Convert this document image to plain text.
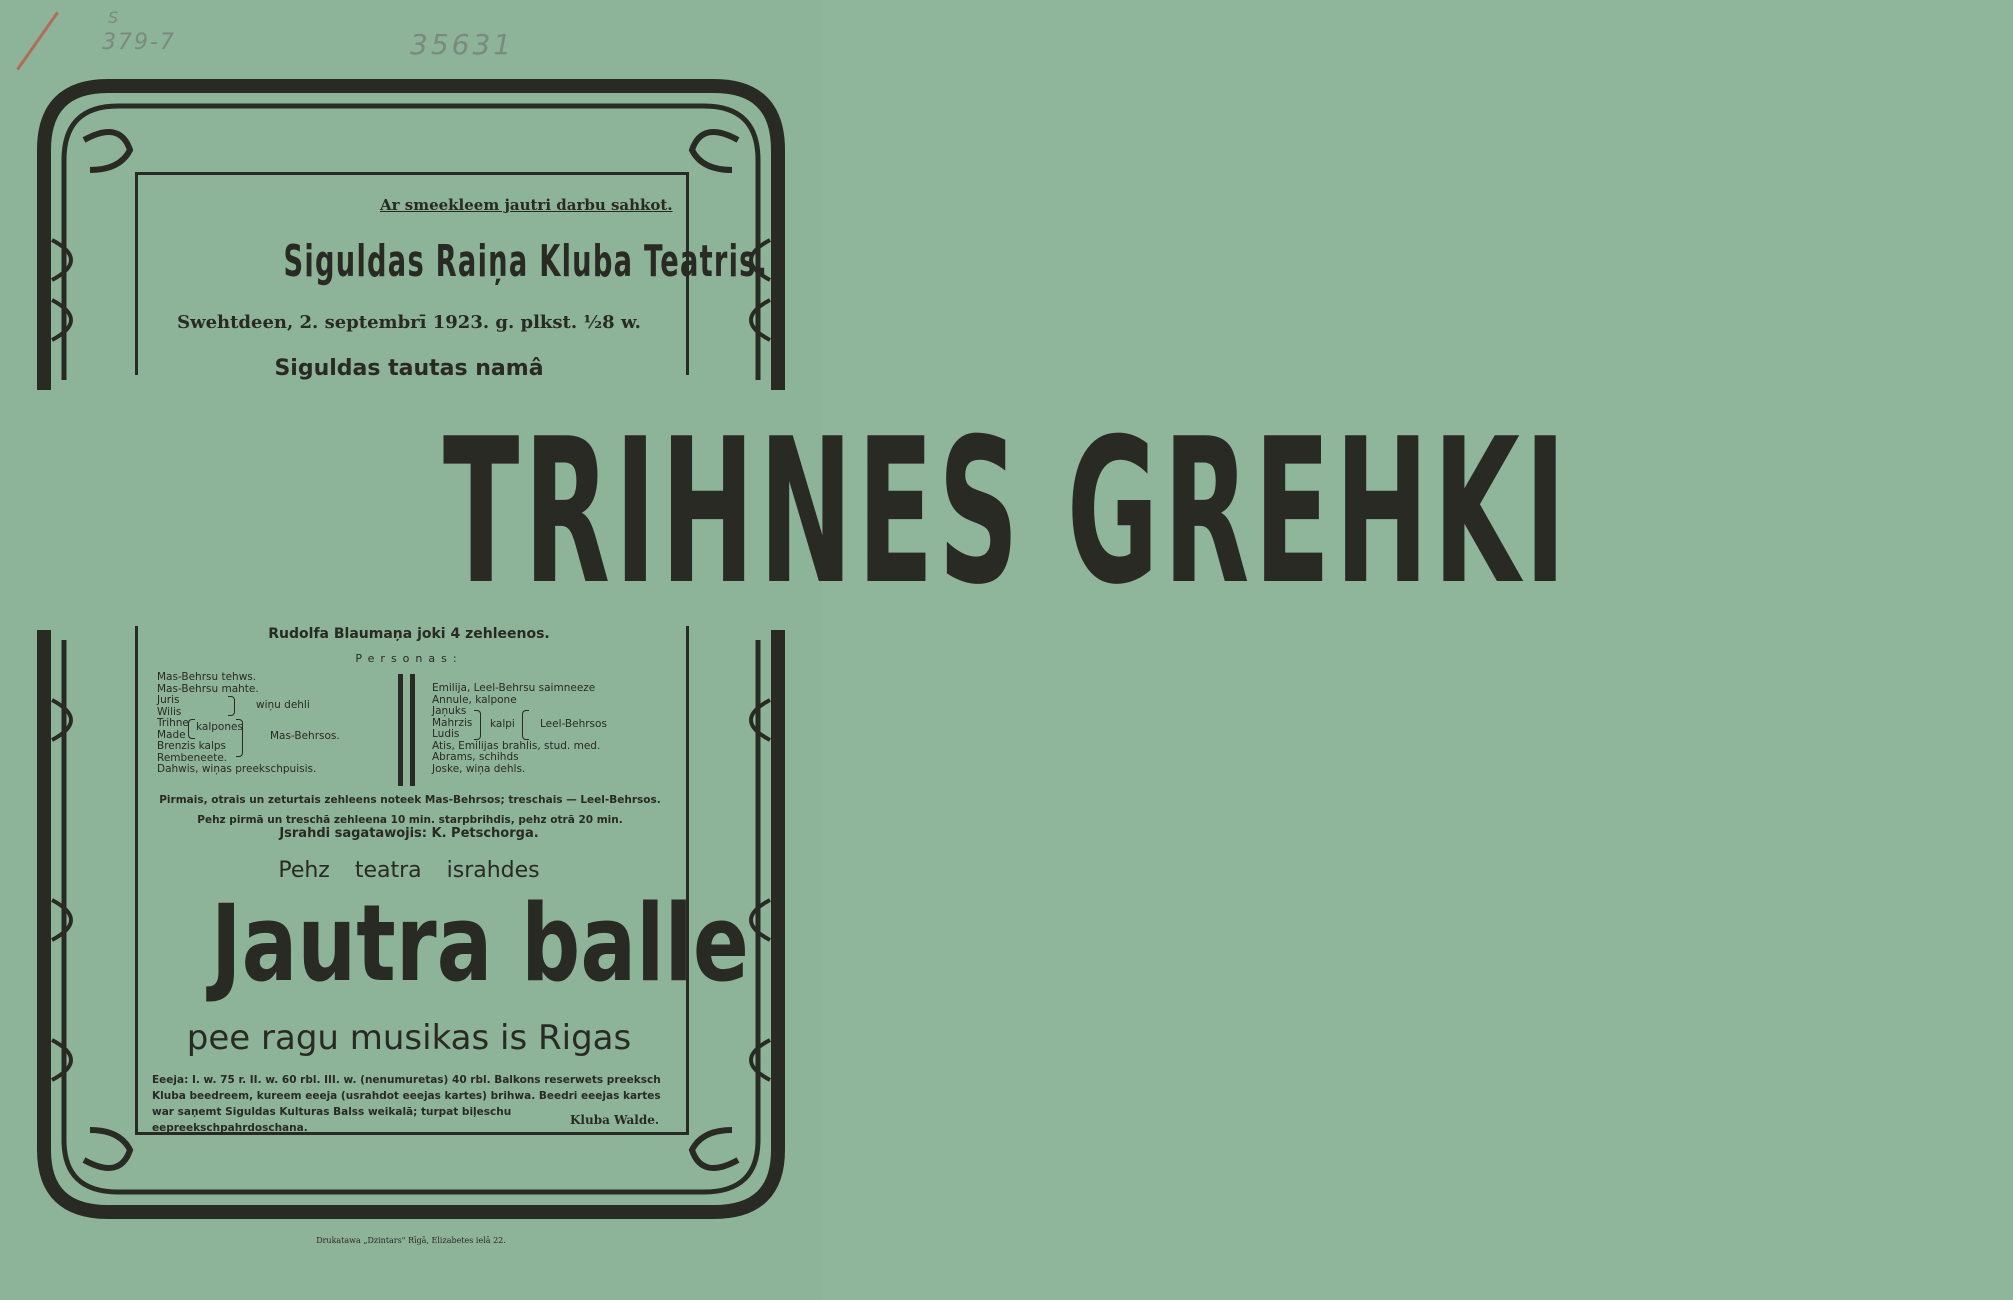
S
379-7	35631
Ar smeekleem jautri darbu sahkot.
Siguldas Raiņa Kluba Teatris.
Swehtdeen, 2. septembrī 1923. g. plkst. ½8 w.
Siguldas tautas namâ
TRIHNES GREHKI
Rudolfa Blaumaņa joki 4 zehleenos.
Personas:
Mas-Behrsu tehws.
Mas-Behrsu mahte.
Juris
Wilis
Trihne
Made
Brenzis kalps
Rembeneete.
Dahwis, wiņas preekschpuisis.
wiņu dehli
kalpones
Mas-Behrsos.
Emilija, Leel-Behrsu saimneeze
Annule, kalpone
Jaņuks
Mahrzis
Ludis
Atis, Emilijas brahlis, stud. med.
Abrams, schihds
Joske, wiņa dehls.
kalpi Leel-Behrsos
Pirmais, otrais un zeturtais zehleens noteek Mas-Behrsos; treschais — Leel-Behrsos. Pehz pirmā un treschā zehleena 10 min. starpbrihdis, pehz otrā 20 min.
Jsrahdi sagatawojis: K. Petschorga.
Pehz teatra israhdes
Jautra balle
pee ragu musikas is Rigas
Eeeja: I. w. 75 r. II. w. 60 rbl. III. w. (nenumuretas) 40 rbl. Balkons reserwets preeksch Kluba beedreem, kureem eeeja (usrahdot eeejas kartes) brihwa. Beedri eeejas kartes war saņemt Siguldas Kulturas Balss weikalā; turpat biļeschu eepreekschpahrdoschana.
Kluba Walde.
Drukatawa „Dzintars" Rīgā, Elizabetes ielā 22.
